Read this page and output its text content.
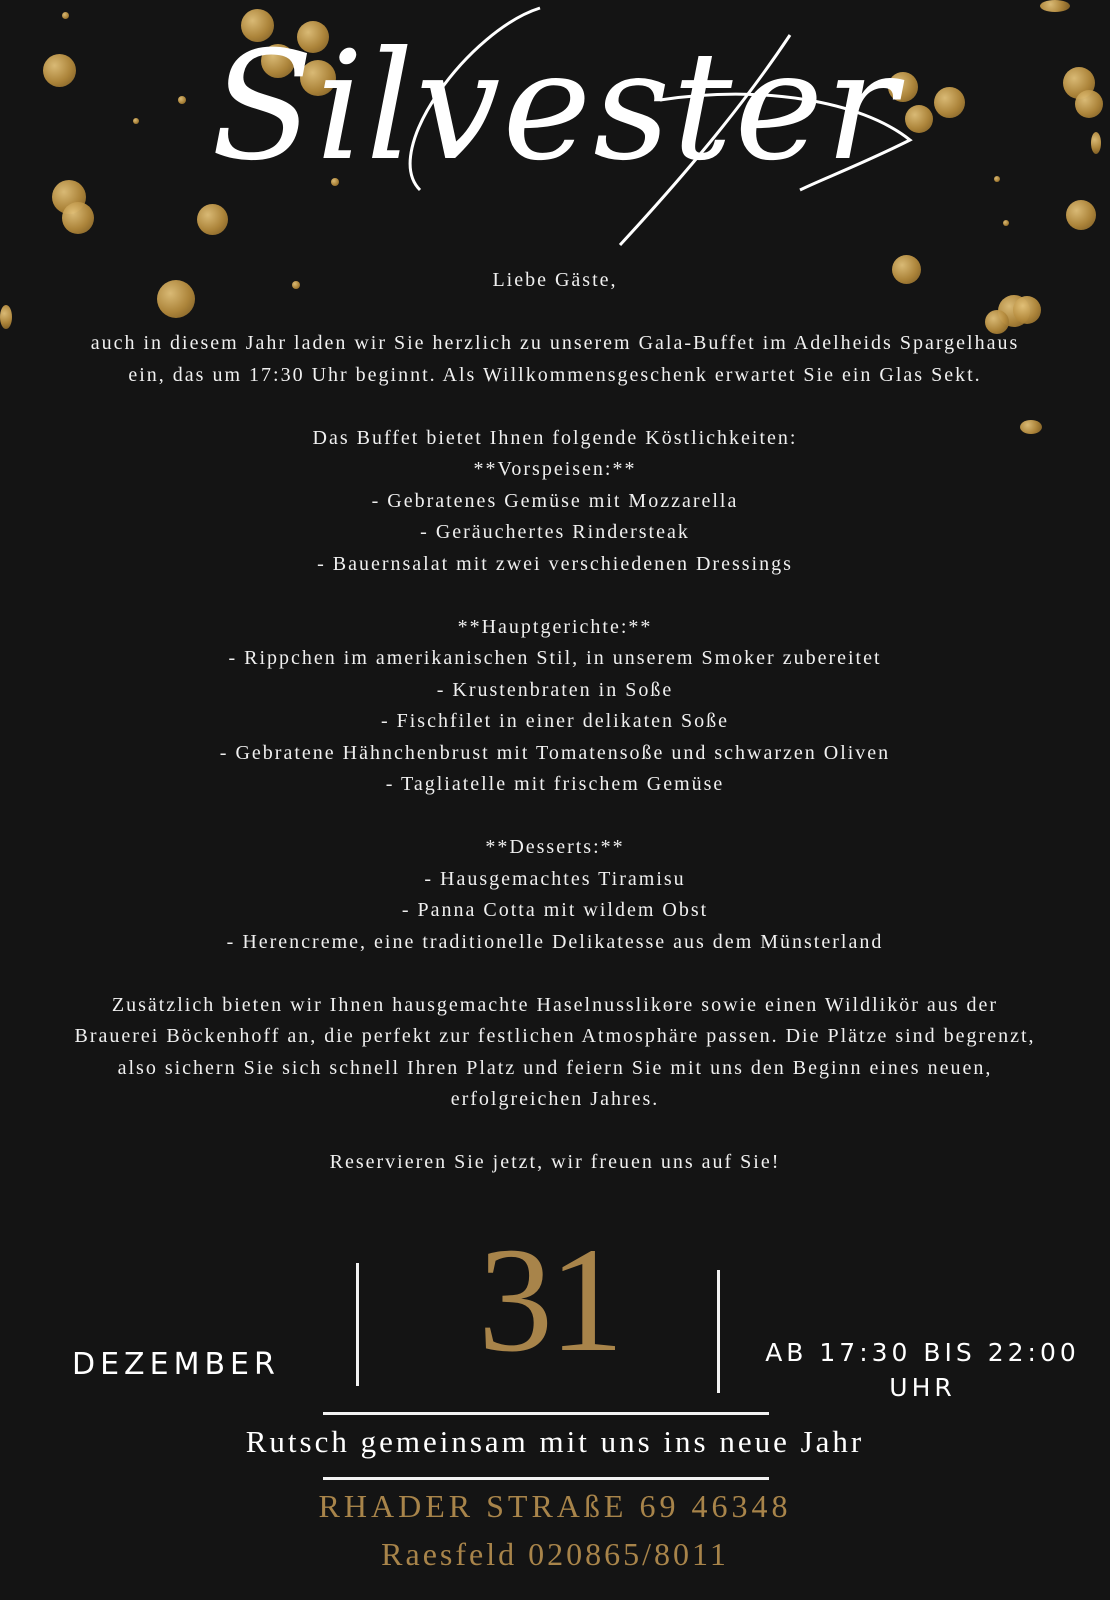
Silvester
Liebe Gäste,
auch in diesem Jahr laden wir Sie herzlich zu unserem Gala-Buffet im Adelheids Spargelhaus
ein, das um 17:30 Uhr beginnt. Als Willkommensgeschenk erwartet Sie ein Glas Sekt.
Das Buffet bietet Ihnen folgende Köstlichkeiten:
**Vorspeisen:**
- Gebratenes Gemüse mit Mozzarella
- Geräuchertes Rindersteak
- Bauernsalat mit zwei verschiedenen Dressings
**Hauptgerichte:**
- Rippchen im amerikanischen Stil, in unserem Smoker zubereitet
- Krustenbraten in Soße
- Fischfilet in einer delikaten Soße
- Gebratene Hähnchenbrust mit Tomatensoße und schwarzen Oliven
- Tagliatelle mit frischem Gemüse
**Desserts:**
- Hausgemachtes Tiramisu
- Panna Cotta mit wildem Obst
- Herencreme, eine traditionelle Delikatesse aus dem Münsterland
Zusätzlich bieten wir Ihnen hausgemachte Haselnusslikөre sowie einen Wildlikör aus der
Brauerei Böckenhoff an, die perfekt zur festlichen Atmosphäre passen. Die Plätze sind begrenzt,
also sichern Sie sich schnell Ihren Platz und feiern Sie mit uns den Beginn eines neuen,
erfolgreichen Jahres.
Reservieren Sie jetzt, wir freuen uns auf Sie!
DEZEMBER 31	AB 17:30 BIS 22:00
UHR
Rutsch gemeinsam mit uns ins neue Jahr
RHADER STRAßE 69 46348
Raesfeld 020865/8011
